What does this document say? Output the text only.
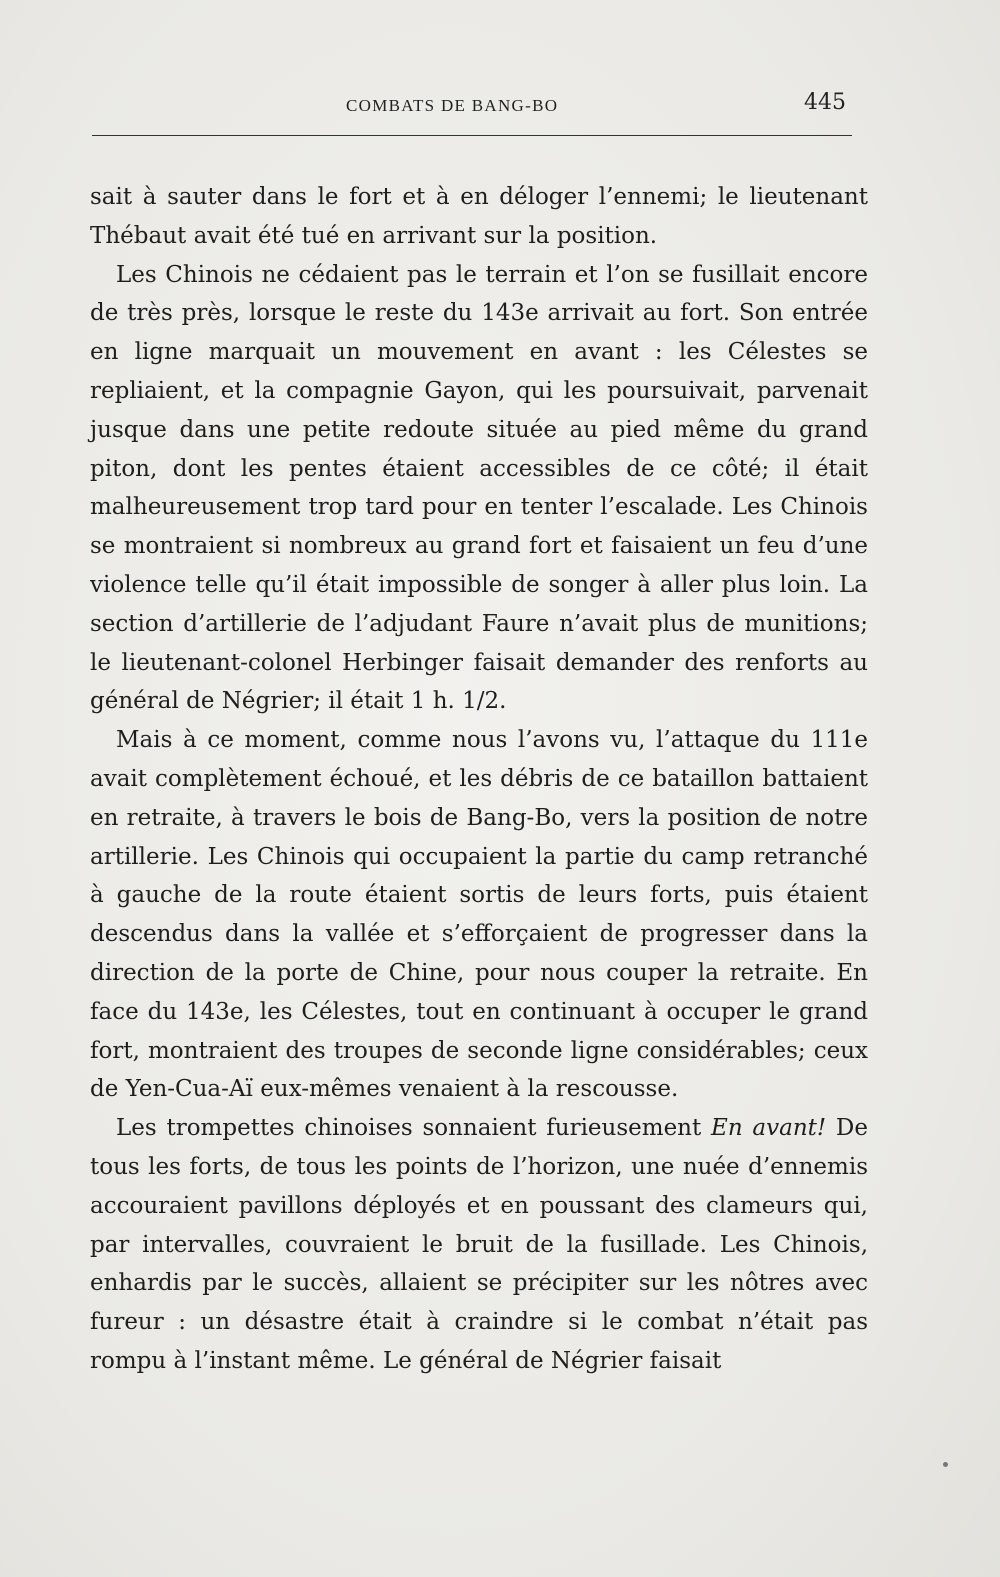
COMBATS DE BANG-BO	445

sait à sauter dans le fort et à en déloger l’ennemi; le lieutenant Thébaut avait été tué en arrivant sur la position.

Les Chinois ne cédaient pas le terrain et l’on se fusillait encore de très près, lorsque le reste du 143e arrivait au fort. Son entrée en ligne marquait un mouvement en avant : les Célestes se repliaient, et la compagnie Gayon, qui les poursuivait, parvenait jusque dans une petite redoute située au pied même du grand piton, dont les pentes étaient accessibles de ce côté; il était malheureusement trop tard pour en tenter l’escalade. Les Chinois se montraient si nombreux au grand fort et faisaient un feu d’une violence telle qu’il était impossible de songer à aller plus loin. La section d’artillerie de l’adjudant Faure n’avait plus de munitions; le lieutenant-colonel Herbinger faisait demander des renforts au général de Négrier; il était 1 h. 1/2.

Mais à ce moment, comme nous l’avons vu, l’attaque du 111e avait complètement échoué, et les débris de ce bataillon battaient en retraite, à travers le bois de Bang-Bo, vers la position de notre artillerie. Les Chinois qui occupaient la partie du camp retranché à gauche de la route étaient sortis de leurs forts, puis étaient descendus dans la vallée et s’efforçaient de progresser dans la direction de la porte de Chine, pour nous couper la retraite. En face du 143e, les Célestes, tout en continuant à occuper le grand fort, montraient des troupes de seconde ligne considérables; ceux de Yen-Cua-Aï eux-mêmes venaient à la rescousse.

Les trompettes chinoises sonnaient furieusement En avant! De tous les forts, de tous les points de l’horizon, une nuée d’ennemis accouraient pavillons déployés et en poussant des clameurs qui, par intervalles, couvraient le bruit de la fusillade. Les Chinois, enhardis par le succès, allaient se précipiter sur les nôtres avec fureur : un désastre était à craindre si le combat n’était pas rompu à l’instant même. Le général de Négrier faisait
